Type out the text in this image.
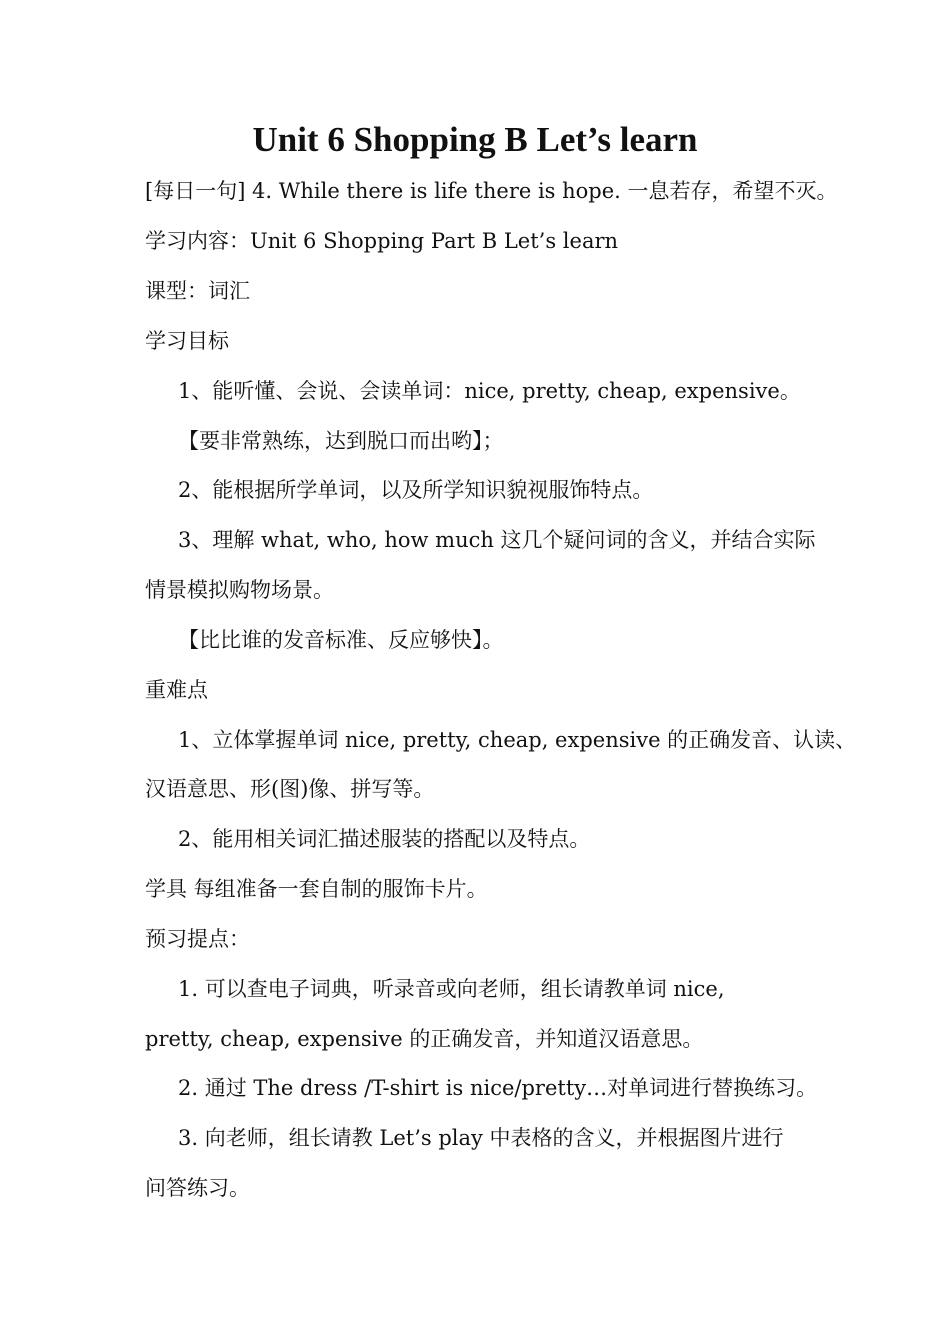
Unit 6 Shopping B Let’s learn
[每日一句] 4. While there is life there is hope. 一息若存，希望不灭。
学习内容：Unit 6 Shopping Part B Let’s learn
课型：词汇
学习目标
1、能听懂、会说、会读单词：nice, pretty, cheap, expensive。
【要非常熟练，达到脱口而出哟】；
2、能根据所学单词，以及所学知识貌视服饰特点。
3、理解 what, who, how much 这几个疑问词的含义，并结合实际
情景模拟购物场景。
【比比谁的发音标准、反应够快】。
重难点
1、立体掌握单词 nice, pretty, cheap, expensive 的正确发音、认读、
汉语意思、形(图)像、拼写等。
2、能用相关词汇描述服装的搭配以及特点。
学具 每组准备一套自制的服饰卡片。
预习提点：
1. 可以查电子词典，听录音或向老师，组长请教单词 nice,
pretty, cheap, expensive 的正确发音，并知道汉语意思。
2. 通过 The dress /T-shirt is nice/pretty…对单词进行替换练习。
3. 向老师，组长请教 Let’s play 中表格的含义，并根据图片进行
问答练习。
